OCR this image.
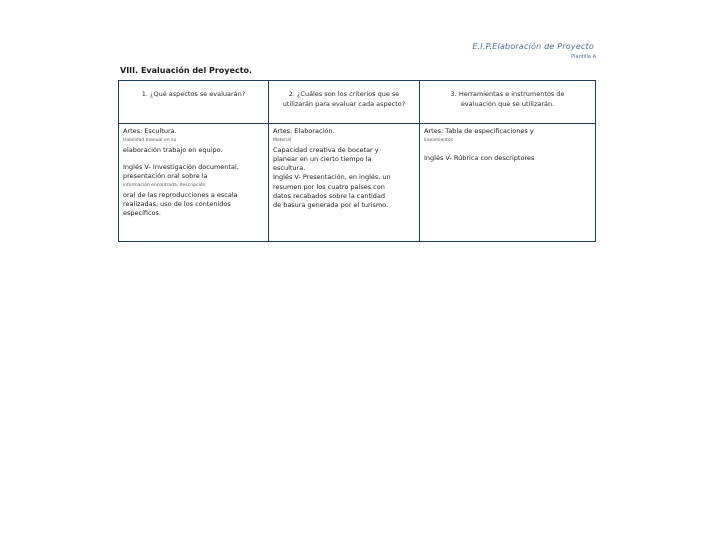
E.I.P.Elaboración de Proyecto
Plantilla A
VIII. Evaluación del Proyecto.
1. ¿Qué aspectos se evaluarán?	2. ¿Cuáles son los criterios que se
utilizarán para evaluar cada aspecto?
3. Herramientas e instrumentos de
evaluación que se utilizarán.
Artes: Escultura.
Habilidad manual en su
elaboración trabajo en equipo.
Inglés V- Investigación documental,
presentación oral sobre la
información encontrada, descripción
oral de las reproducciones a escala
realizadas, uso de los contenidos
específicos.
Artes: Elaboración.
Material
Capacidad creativa de bocetar y
planear en un cierto tiempo la
escultura.
Inglés V- Presentación, en inglés, un
resumen por los cuatro países con
datos recabados sobre la cantidad
de basura generada por el turismo.
Artes: Tabla de especificaciones y
lineamientos
Inglés V- Rúbrica con descriptores
